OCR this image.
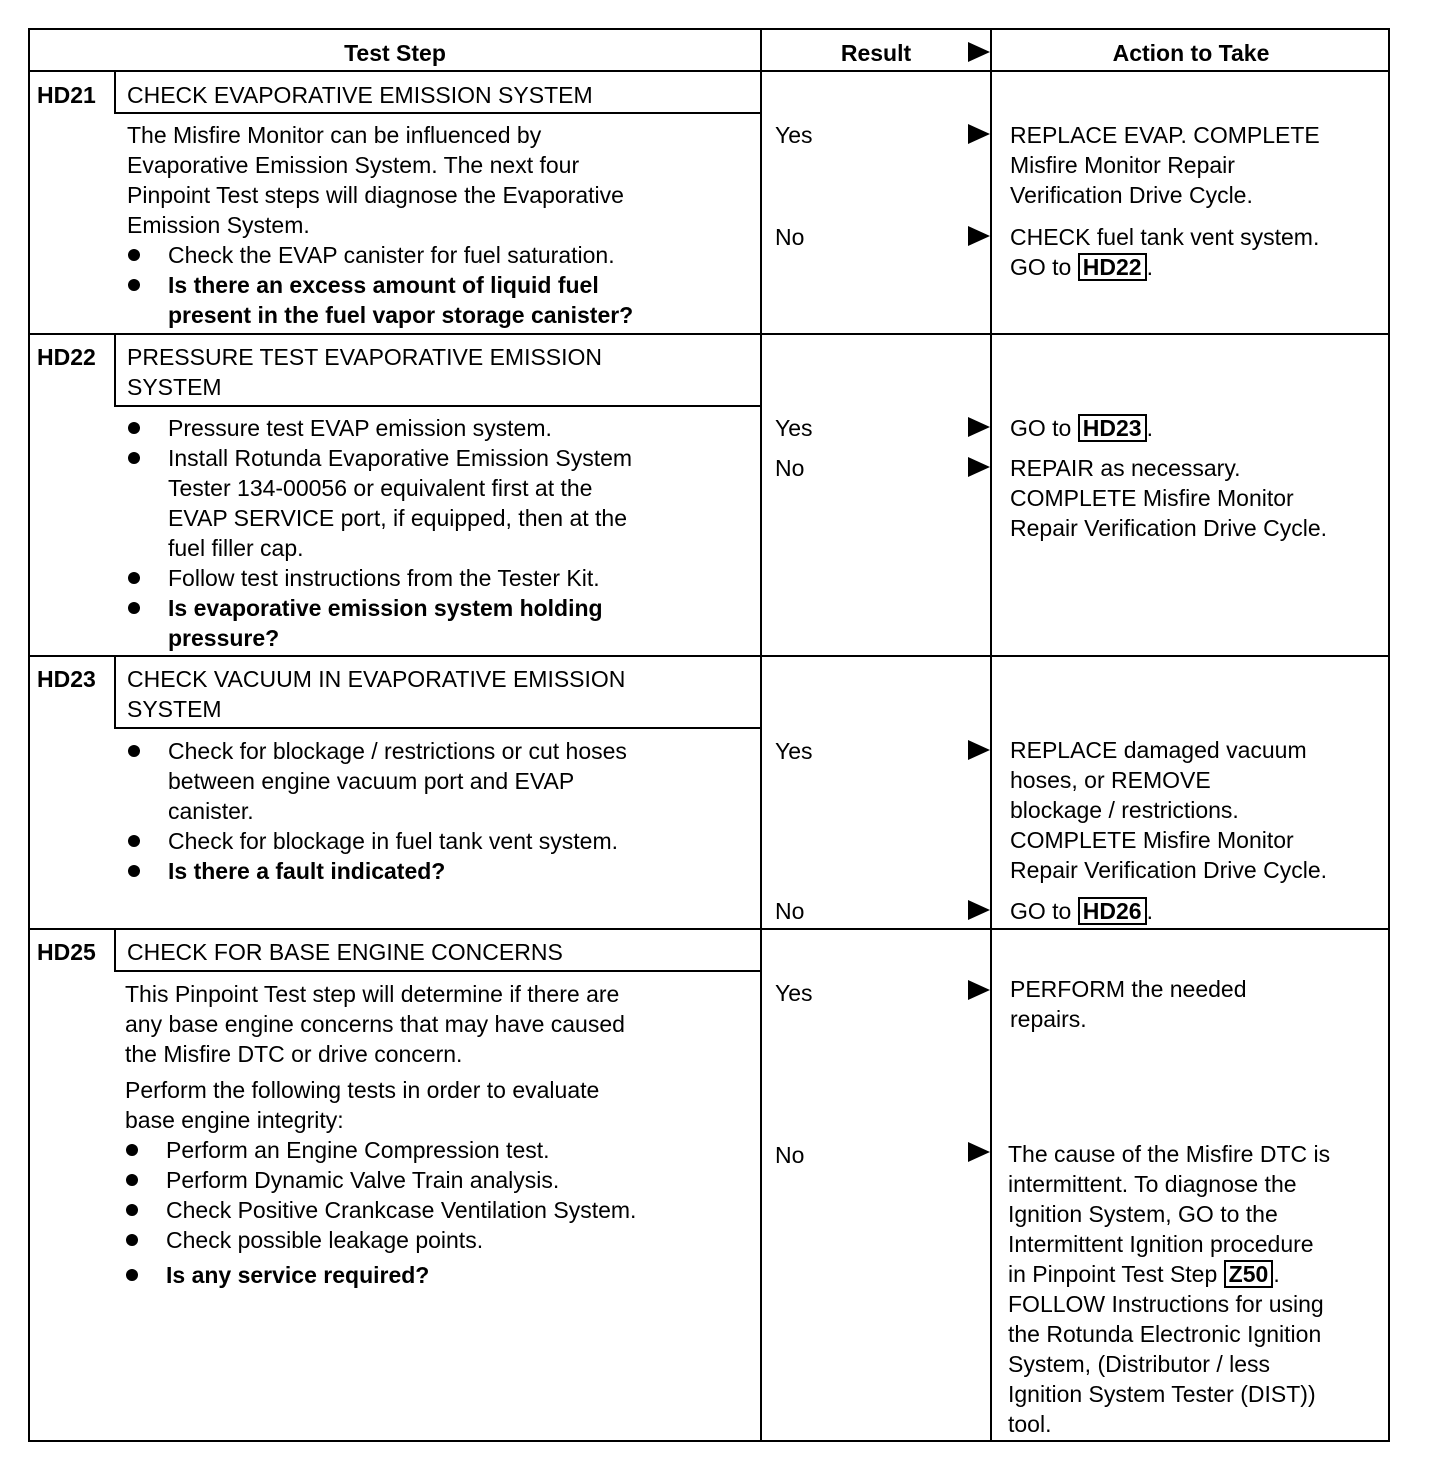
Test Step	Result	Action to Take
HD21 CHECK EVAPORATIVE EMISSION SYSTEM
The Misfire Monitor can be influenced by
Evaporative Emission System. The next four
Pinpoint Test steps will diagnose the Evaporative
Emission System.
Check the EVAP canister for fuel saturation.
Is there an excess amount of liquid fuel
present in the fuel vapor storage canister?
Yes	REPLACE EVAP. COMPLETE
Misfire Monitor Repair
Verification Drive Cycle.
No	CHECK fuel tank vent system.
GO to HD22 .
HD22 PRESSURE TEST EVAPORATIVE EMISSION
SYSTEM
Pressure test EVAP emission system.
Install Rotunda Evaporative Emission System
Tester 134-00056 or equivalent first at the
EVAP SERVICE port, if equipped, then at the
fuel filler cap.
Follow test instructions from the Tester Kit.
Is evaporative emission system holding
pressure?
Yes	GO to HD23 .
No	REPAIR as necessary.
COMPLETE Misfire Monitor
Repair Verification Drive Cycle.
HD23 CHECK VACUUM IN EVAPORATIVE EMISSION
SYSTEM
Check for blockage / restrictions or cut hoses
between engine vacuum port and EVAP
canister.
Check for blockage in fuel tank vent system.
Is there a fault indicated?
Yes	REPLACE damaged vacuum
hoses, or REMOVE
blockage / restrictions.
COMPLETE Misfire Monitor
Repair Verification Drive Cycle.
No	GO to HD26 .
HD25 CHECK FOR BASE ENGINE CONCERNS
This Pinpoint Test step will determine if there are
any base engine concerns that may have caused
the Misfire DTC or drive concern.
Perform the following tests in order to evaluate
base engine integrity:
Perform an Engine Compression test.
Perform Dynamic Valve Train analysis.
Check Positive Crankcase Ventilation System.
Check possible leakage points.
Is any service required?
Yes	PERFORM the needed
repairs.
No	The cause of the Misfire DTC is
intermittent. To diagnose the
Ignition System, GO to the
Intermittent Ignition procedure
in Pinpoint Test Step Z50 .
FOLLOW Instructions for using
the Rotunda Electronic Ignition
System, (Distributor / less
Ignition System Tester (DIST))
tool.
